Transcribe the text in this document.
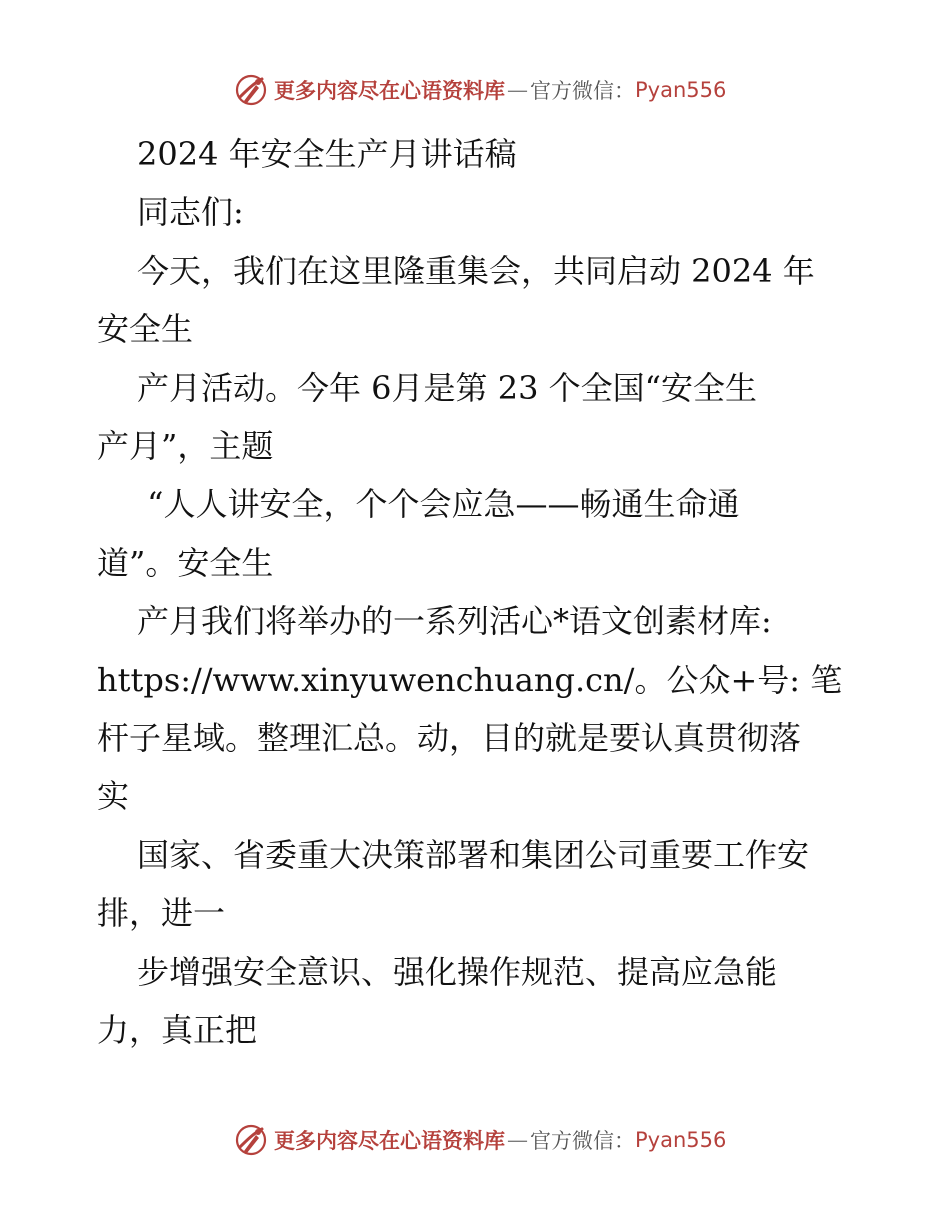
更多内容尽在心语资料库 — 官方微信： Pyan556
2024 年安全生产月讲话稿
同志们:
今天，我们在这里隆重集会，共同启动 2024 年
安全生
产月活动。今年 6月是第 23 个全国“安全生
产月”，主题
“人人讲安全，个个会应急——畅通生命通
道”。安全生
产月我们将举办的一系列活心*语文创素材库:
https://www.xinyuwenchuang.cn/。公众+号: 笔
杆子星域。整理汇总。动，目的就是要认真贯彻落
实
国家、省委重大决策部署和集团公司重要工作安
排，进一
步增强安全意识、强化操作规范、提高应急能
力，真正把
更多内容尽在心语资料库 — 官方微信： Pyan556
